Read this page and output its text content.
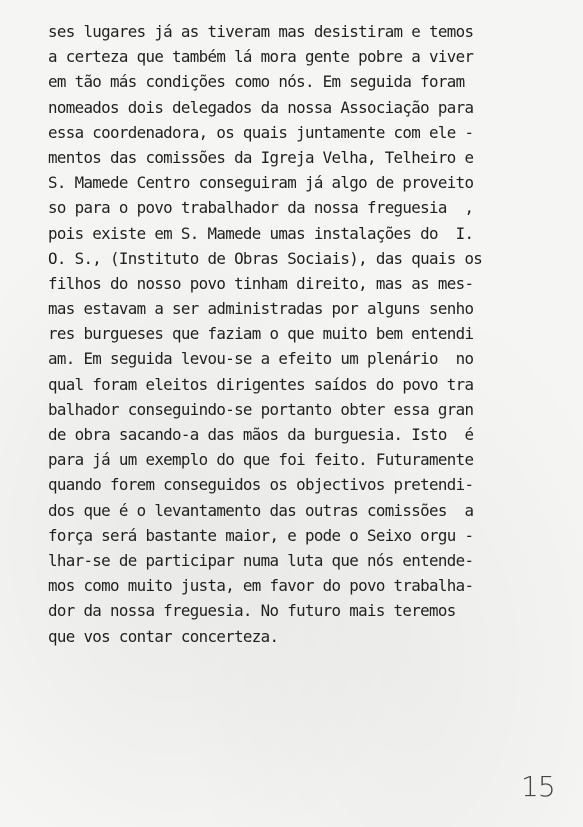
ses lugares já as tiveram mas desistiram e temos
a certeza que também lá mora gente pobre a viver
em tão más condições como nós. Em seguida foram
nomeados dois delegados da nossa Associação para
essa coordenadora, os quais juntamente com ele -
mentos das comissões da Igreja Velha, Telheiro e
S. Mamede Centro conseguiram já algo de proveito
so para o povo trabalhador da nossa freguesia  ,
pois existe em S. Mamede umas instalações do  I.
O. S., (Instituto de Obras Sociais), das quais os
filhos do nosso povo tinham direito, mas as mes-
mas estavam a ser administradas por alguns senho
res burgueses que faziam o que muito bem entendi
am. Em seguida levou-se a efeito um plenário  no
qual foram eleitos dirigentes saídos do povo tra
balhador conseguindo-se portanto obter essa gran
de obra sacando-a das mãos da burguesia. Isto  é
para já um exemplo do que foi feito. Futuramente
quando forem conseguidos os objectivos pretendi-
dos que é o levantamento das outras comissões  a
força será bastante maior, e pode o Seixo orgu -
lhar-se de participar numa luta que nós entende-
mos como muito justa, em favor do povo trabalha-
dor da nossa freguesia. No futuro mais teremos
que vos contar concerteza.
15
